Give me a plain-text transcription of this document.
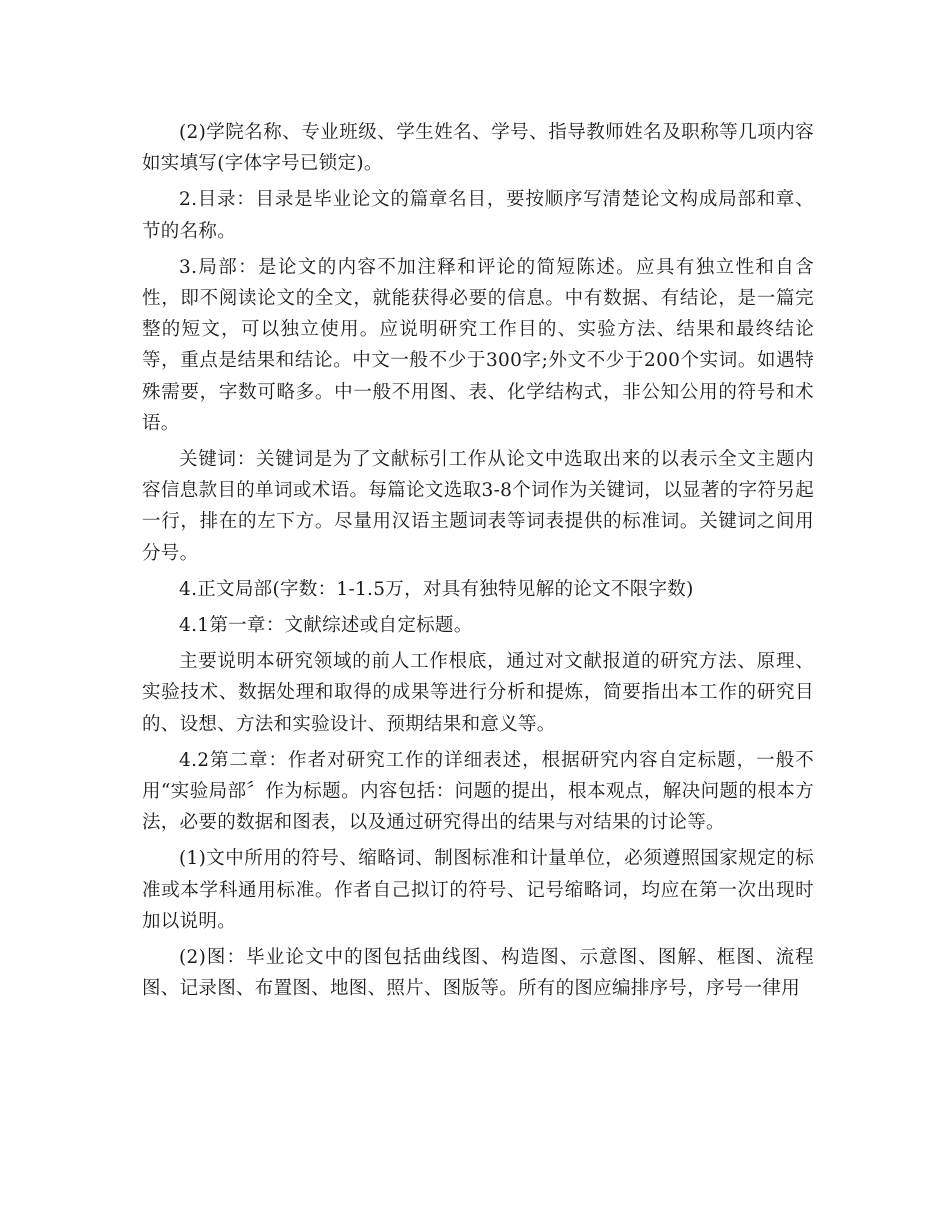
(2)学院名称、专业班级、学生姓名、学号、指导教师姓名及职称等几项内容如实填写(字体字号已锁定)。

2.目录：目录是毕业论文的篇章名目，要按顺序写清楚论文构成局部和章、节的名称。

3.局部：是论文的内容不加注释和评论的简短陈述。应具有独立性和自含性，即不阅读论文的全文，就能获得必要的信息。中有数据、有结论，是一篇完整的短文，可以独立使用。应说明研究工作目的、实验方法、结果和最终结论等，重点是结果和结论。中文一般不少于300字;外文不少于200个实词。如遇特殊需要，字数可略多。中一般不用图、表、化学结构式，非公知公用的符号和术语。

关键词：关键词是为了文献标引工作从论文中选取出来的以表示全文主题内容信息款目的单词或术语。每篇论文选取3-8个词作为关键词，以显著的字符另起一行，排在的左下方。尽量用汉语主题词表等词表提供的标准词。关键词之间用分号。

4.正文局部(字数：1-1.5万，对具有独特见解的论文不限字数)

4.1第一章：文献综述或自定标题。

主要说明本研究领域的前人工作根底，通过对文献报道的研究方法、原理、实验技术、数据处理和取得的成果等进行分析和提炼，简要指出本工作的研究目的、设想、方法和实验设计、预期结果和意义等。

4.2第二章：作者对研究工作的详细表述，根据研究内容自定标题，一般不用“实验局部〞作为标题。内容包括：问题的提出，根本观点，解决问题的根本方法，必要的数据和图表，以及通过研究得出的结果与对结果的讨论等。

(1)文中所用的符号、缩略词、制图标准和计量单位，必须遵照国家规定的标准或本学科通用标准。作者自己拟订的符号、记号缩略词，均应在第一次出现时加以说明。

(2)图：毕业论文中的图包括曲线图、构造图、示意图、图解、框图、流程图、记录图、布置图、地图、照片、图版等。所有的图应编排序号，序号一律用
